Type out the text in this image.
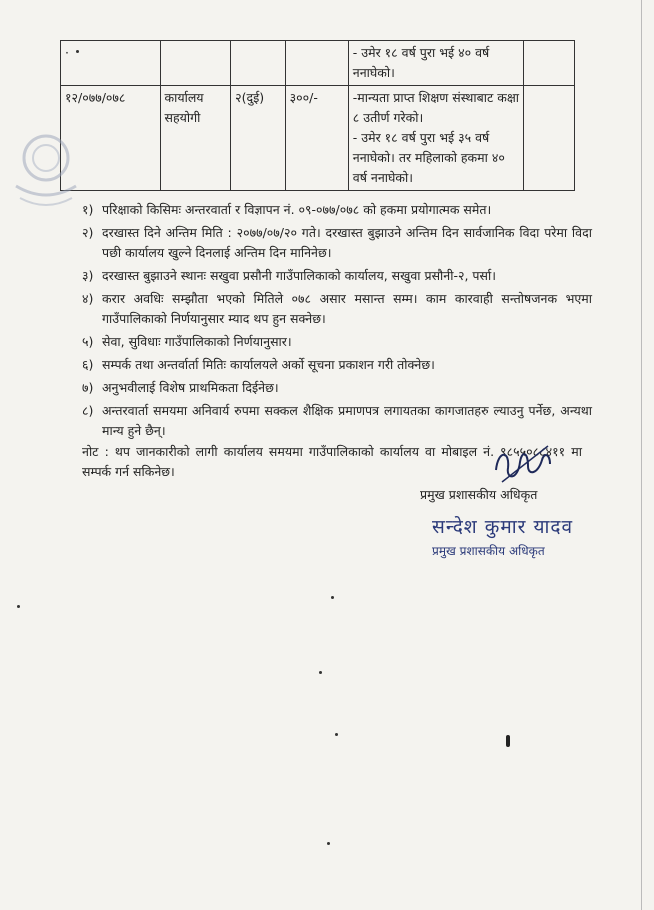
·				- उमेर १८ वर्ष पुरा भई ४० वर्ष नना‍घेको।	

१२/०७७/०७८	कार्यालय सहयोगी	२(दुई)	३००/-	-मान्यता प्राप्त शिक्षण संस्थाबाट कक्षा ८ उतीर्ण गरेको।
- उमेर १८ वर्ष पुरा भई ३५ वर्ष नना‍घेको। तर महिलाको हकमा ४० वर्ष नना‍घेको।	

१) परिक्षाको किसिमः अन्तरवार्ता र विज्ञापन नं. ०९-०७७/०७८ को हकमा प्रयोगात्मक समेत।
२) दरखास्त दिने अन्तिम मिति : २०७७/०७/२० गते। दरखास्त बुझाउने अन्तिम दिन सार्वजानिक विदा परेमा विदा पछी कार्यालय खुल्ने दिनलाई अन्तिम दिन मानिनेछ।
३) दरखास्त बुझाउने स्थानः सखुवा प्रसौनी गाउँपालिकाको कार्यालय, सखुवा प्रसौनी-२, पर्सा।
४) करार अवधिः सम्झौता भएको मितिले ०७८ असार मसान्त सम्म। काम कारवाही सन्तोषजनक भएमा गाउँपालिकाको निर्णयानुसार म्याद थप हुन सक्नेछ।
५) सेवा, सुविधाः गाउँपालिकाको निर्णयानुसार।
६) सम्पर्क तथा अन्तर्वार्ता मितिः कार्यालयले अर्को सूचना प्रकाशन गरी तोक्नेछ।
७) अनुभवीलाई विशेष प्राथमिकता दिईनेछ।
८) अन्तरवार्ता समयमा अनिवार्य रुपमा सक्कल शैक्षिक प्रमाणपत्र लगायतका कागजातहरु ल्याउनु पर्नेछ, अन्यथा मान्य हुने छैन्।
नोट : थप जानकारीको लागी कार्यालय समयमा गाउँपालिकाको कार्यालय वा मोबाइल नं. ९८५५०८८४११ मा सम्पर्क गर्न सकिनेछ।
प्रमुख प्रशासकीय अधिकृत
सन्देश कुमार यादव
प्रमुख प्रशासकीय अधिकृत
